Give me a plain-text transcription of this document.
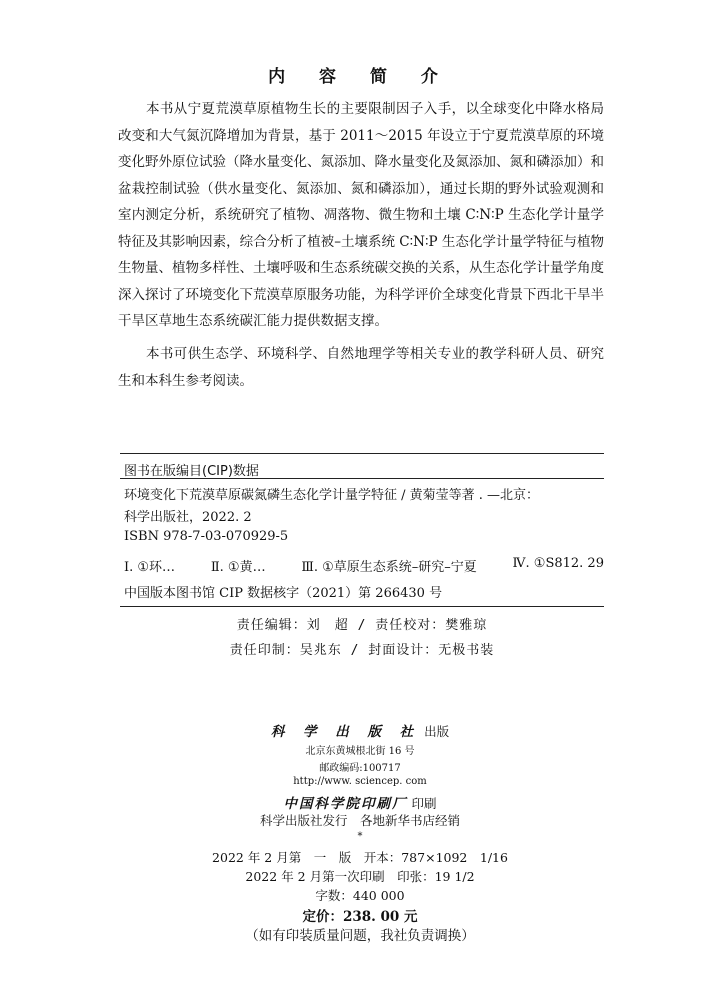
内 容 简 介
本书从宁夏荒漠草原植物生长的主要限制因子入手，以全球变化中降水格局改变和大气氮沉降增加为背景，基于 2011～2015 年设立于宁夏荒漠草原的环境变化野外原位试验（降水量变化、氮添加、降水量变化及氮添加、氮和磷添加）和盆栽控制试验（供水量变化、氮添加、氮和磷添加），通过长期的野外试验观测和室内测定分析，系统研究了植物、凋落物、微生物和土壤 C∶N∶P 生态化学计量学特征及其影响因素，综合分析了植被–土壤系统 C∶N∶P 生态化学计量学特征与植物生物量、植物多样性、土壤呼吸和生态系统碳交换的关系，从生态化学计量学角度深入探讨了环境变化下荒漠草原服务功能，为科学评价全球变化背景下西北干旱半干旱区草地生态系统碳汇能力提供数据支撑。
本书可供生态学、环境科学、自然地理学等相关专业的教学科研人员、研究生和本科生参考阅读。
图书在版编目(CIP)数据
环境变化下荒漠草原碳氮磷生态化学计量学特征 / 黄菊莹等著 . —北京：
科学出版社，2022. 2
ISBN 978-7-03-070929-5
Ⅰ. ①环…	Ⅱ. ①黄…	Ⅲ. ①草原生态系统–研究–宁夏	Ⅳ. ①S812. 29
中国版本图书馆 CIP 数据核字（2021）第 266430 号
责任编辑：刘　超 / 责任校对：樊雅琼
责任印制：吴兆东 / 封面设计：无极书装
科 学 出 版 社 出版
北京东黄城根北街 16 号
邮政编码:100717
http://www. sciencep. com
中国科学院印刷厂 印刷
科学出版社发行　各地新华书店经销
*
2022 年 2 月第　一　版　开本：787×1092　1/16
2022 年 2 月第一次印刷　印张：19 1/2
字数：440 000
定价：238. 00 元
（如有印装质量问题，我社负责调换）
